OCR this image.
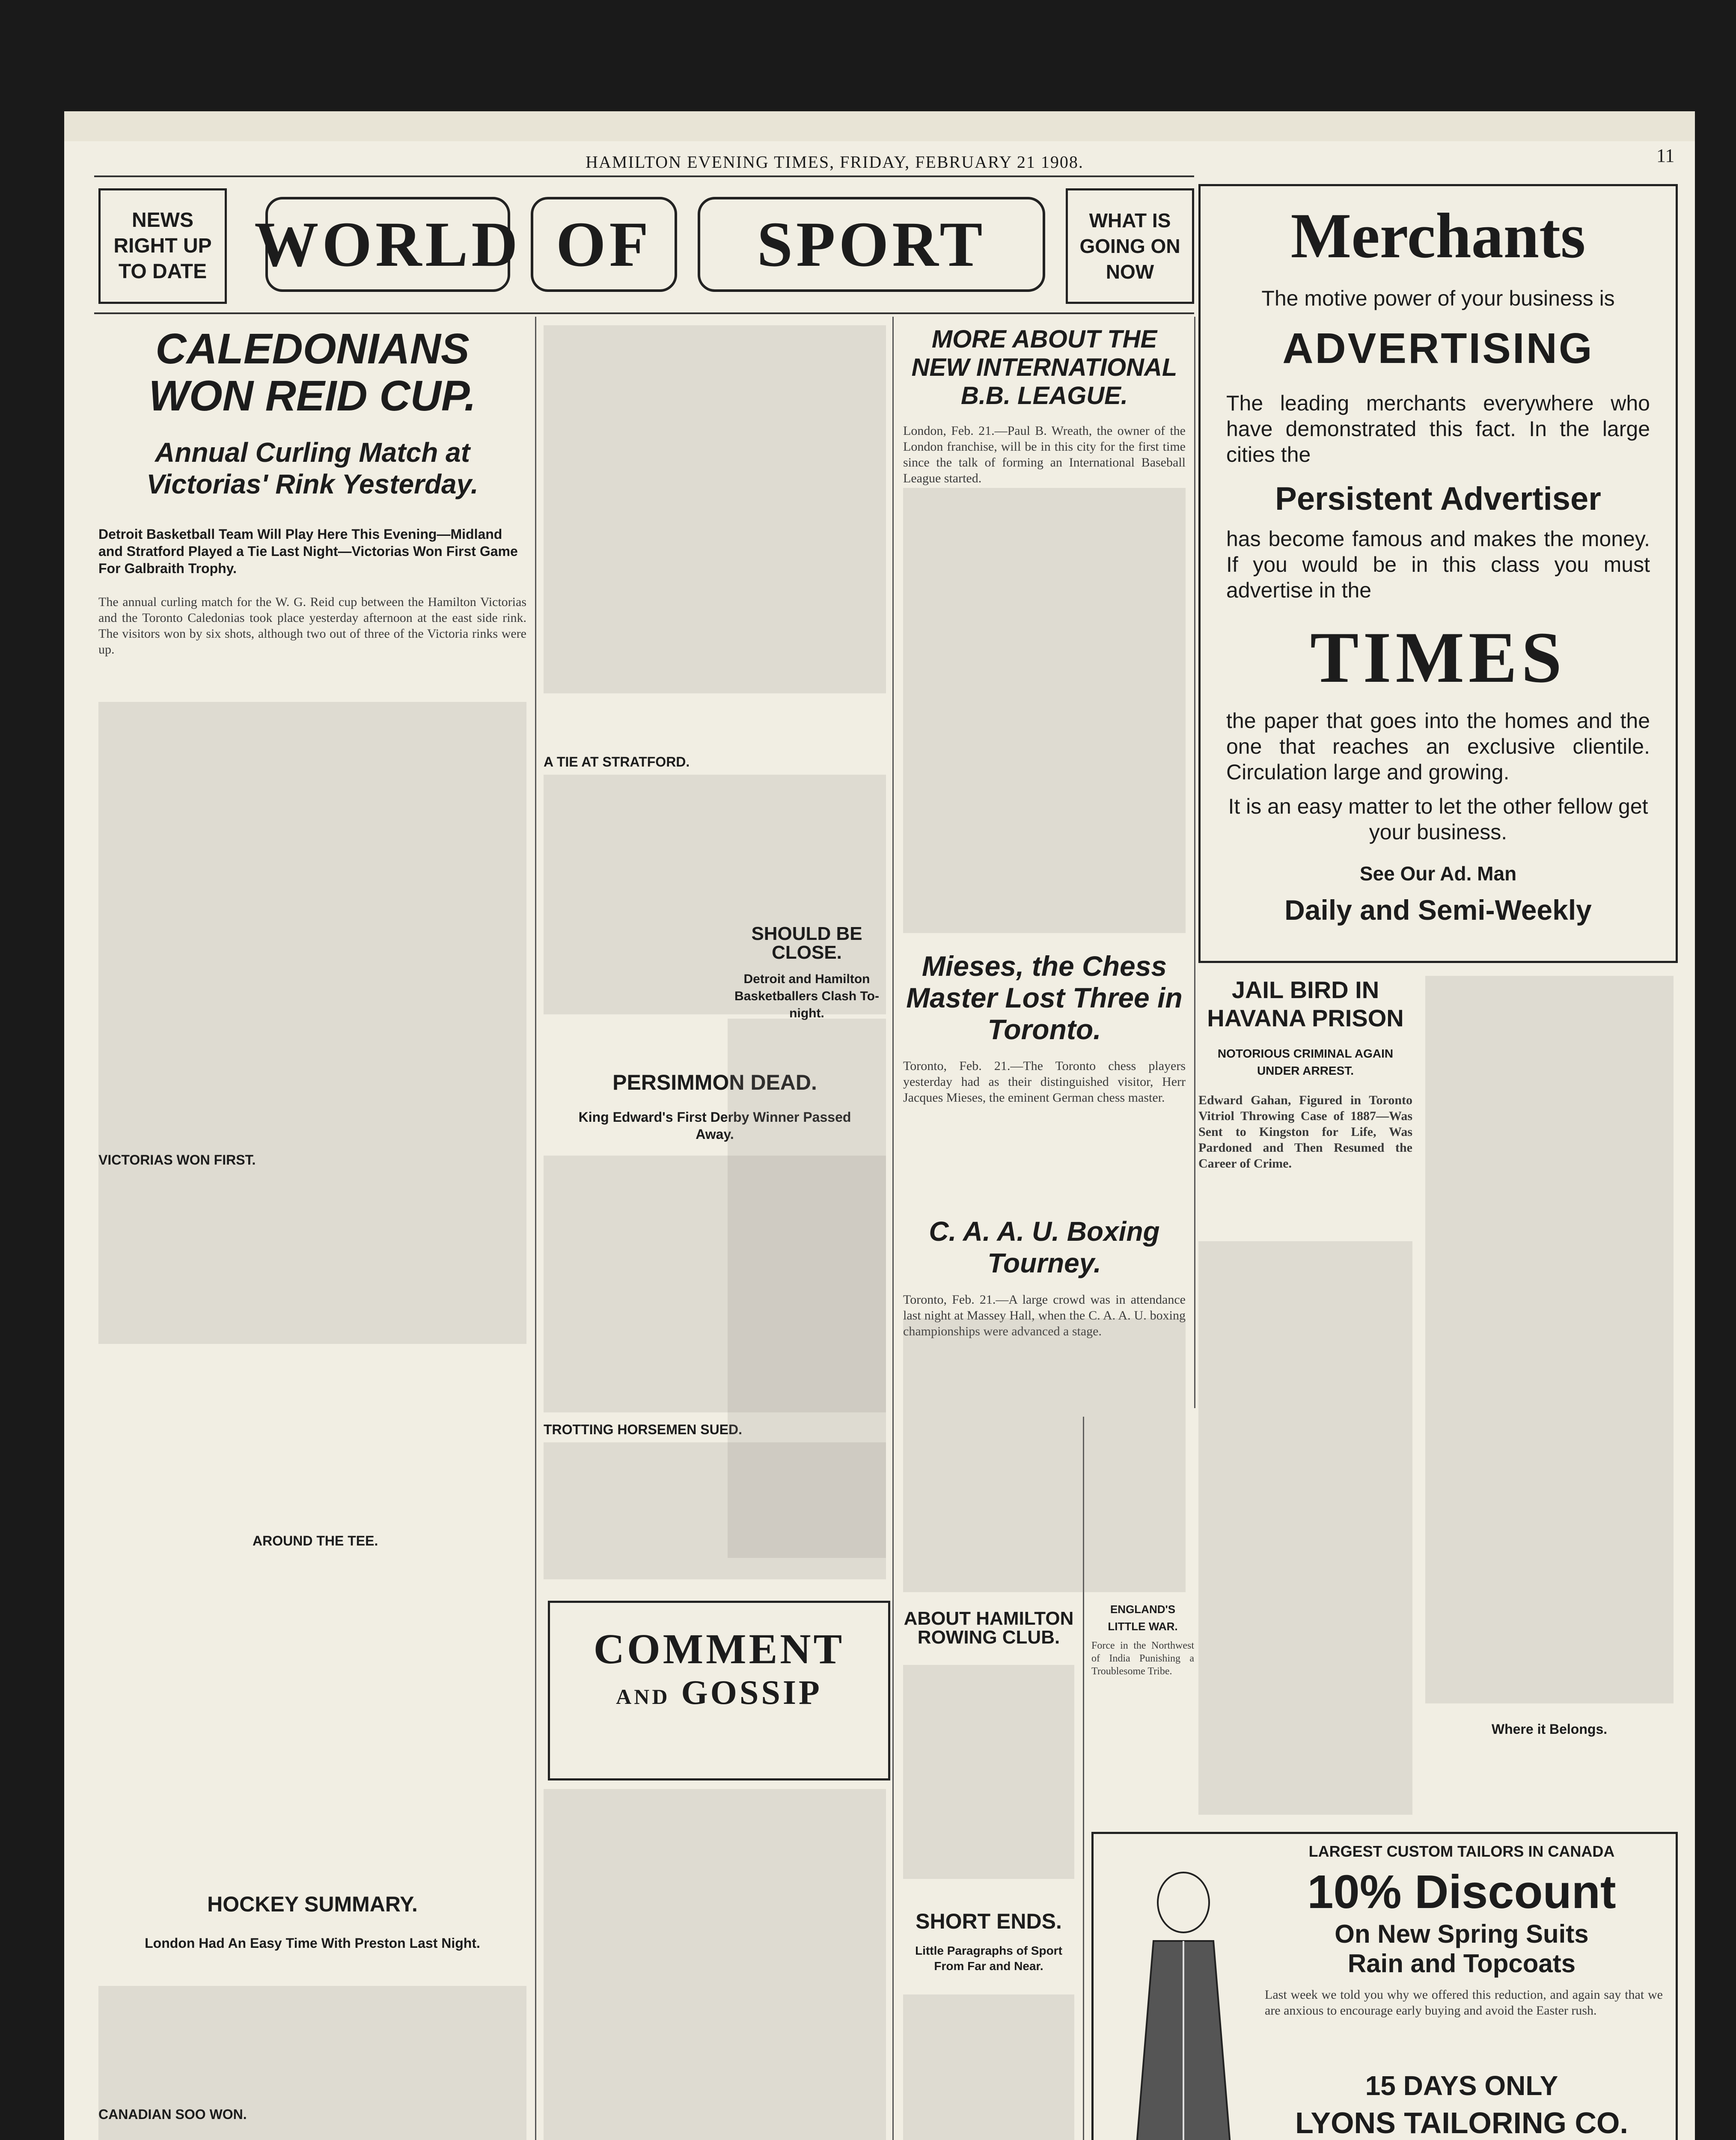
HAMILTON EVENING TIMES, FRIDAY, FEBRUARY 21 1908.	11
NEWS RIGHT UP TO DATE WORLD OF	SPORT	WHAT IS GOING ON NOW
CALEDONIANS WON REID CUP.
Annual Curling Match at Victorias' Rink Yesterday.
Detroit Basketball Team Will Play Here This Evening—Midland and Stratford Played a Tie Last Night—Victorias Won First Game For Galbraith Trophy.
The annual curling match for the W. G. Reid cup between the Hamilton Victorias and the Toronto Caledonias took place yesterday afternoon at the east side rink. The visitors won by six shots, although two out of three of the Victoria rinks were up.
VICTORIAS WON FIRST.
AROUND THE TEE.
HOCKEY SUMMARY.
London Had An Easy Time With Preston Last Night.
CANADIAN SOO WON.
A TIE AT STRATFORD.
PERSIMMON DEAD.
King Edward's First Derby Winner Passed Away.
TROTTING HORSEMEN SUED.
MORE ABOUT THE NEW INTERNATIONAL B.B. LEAGUE.
London, Feb. 21.—Paul B. Wreath, the owner of the London franchise, will be in this city for the first time since the talk of forming an International Baseball League started.
SHOULD BE CLOSE.
Detroit and Hamilton Basketballers Clash To-night.
Mieses, the Chess Master Lost Three in Toronto.
Toronto, Feb. 21.—The Toronto chess players yesterday had as their distinguished visitor, Herr Jacques Mieses, the eminent German chess master.
C. A. A. U. Boxing Tourney.
Toronto, Feb. 21.—A large crowd was in attendance last night at Massey Hall, when the C. A. A. U. boxing championships were advanced a stage.
COMMENT
AND GOSSIP
ABOUT HAMILTON ROWING CLUB.
SHORT ENDS.
Little Paragraphs of Sport From Far and Near.
ENGLAND'S LITTLE WAR.
Force in the Northwest of India Punishing a Troublesome Tribe.
Merchants
The motive power of your business is
ADVERTISING
The leading merchants everywhere who have demonstrated this fact. In the large cities the
Persistent Advertiser
has become famous and makes the money. If you would be in this class you must advertise in the
TIMES
the paper that goes into the homes and the one that reaches an exclusive clientile. Circulation large and growing.
It is an easy matter to let the other fellow get your business.
See Our Ad. Man
Daily and Semi-Weekly
JAIL BIRD IN HAVANA PRISON
NOTORIOUS CRIMINAL AGAIN UNDER ARREST.
Edward Gahan, Figured in Toronto Vitriol Throwing Case of 1887—Was Sent to Kingston for Life, Was Pardoned and Then Resumed the Career of Crime.
Where it Belongs.
LARGEST CUSTOM TAILORS IN CANADA
10% Discount
On New Spring Suits
Rain and Topcoats
Last week we told you why we offered this reduction, and again say that we are anxious to encourage early buying and avoid the Easter rush.
15 DAYS ONLY
LYONS TAILORING CO.
